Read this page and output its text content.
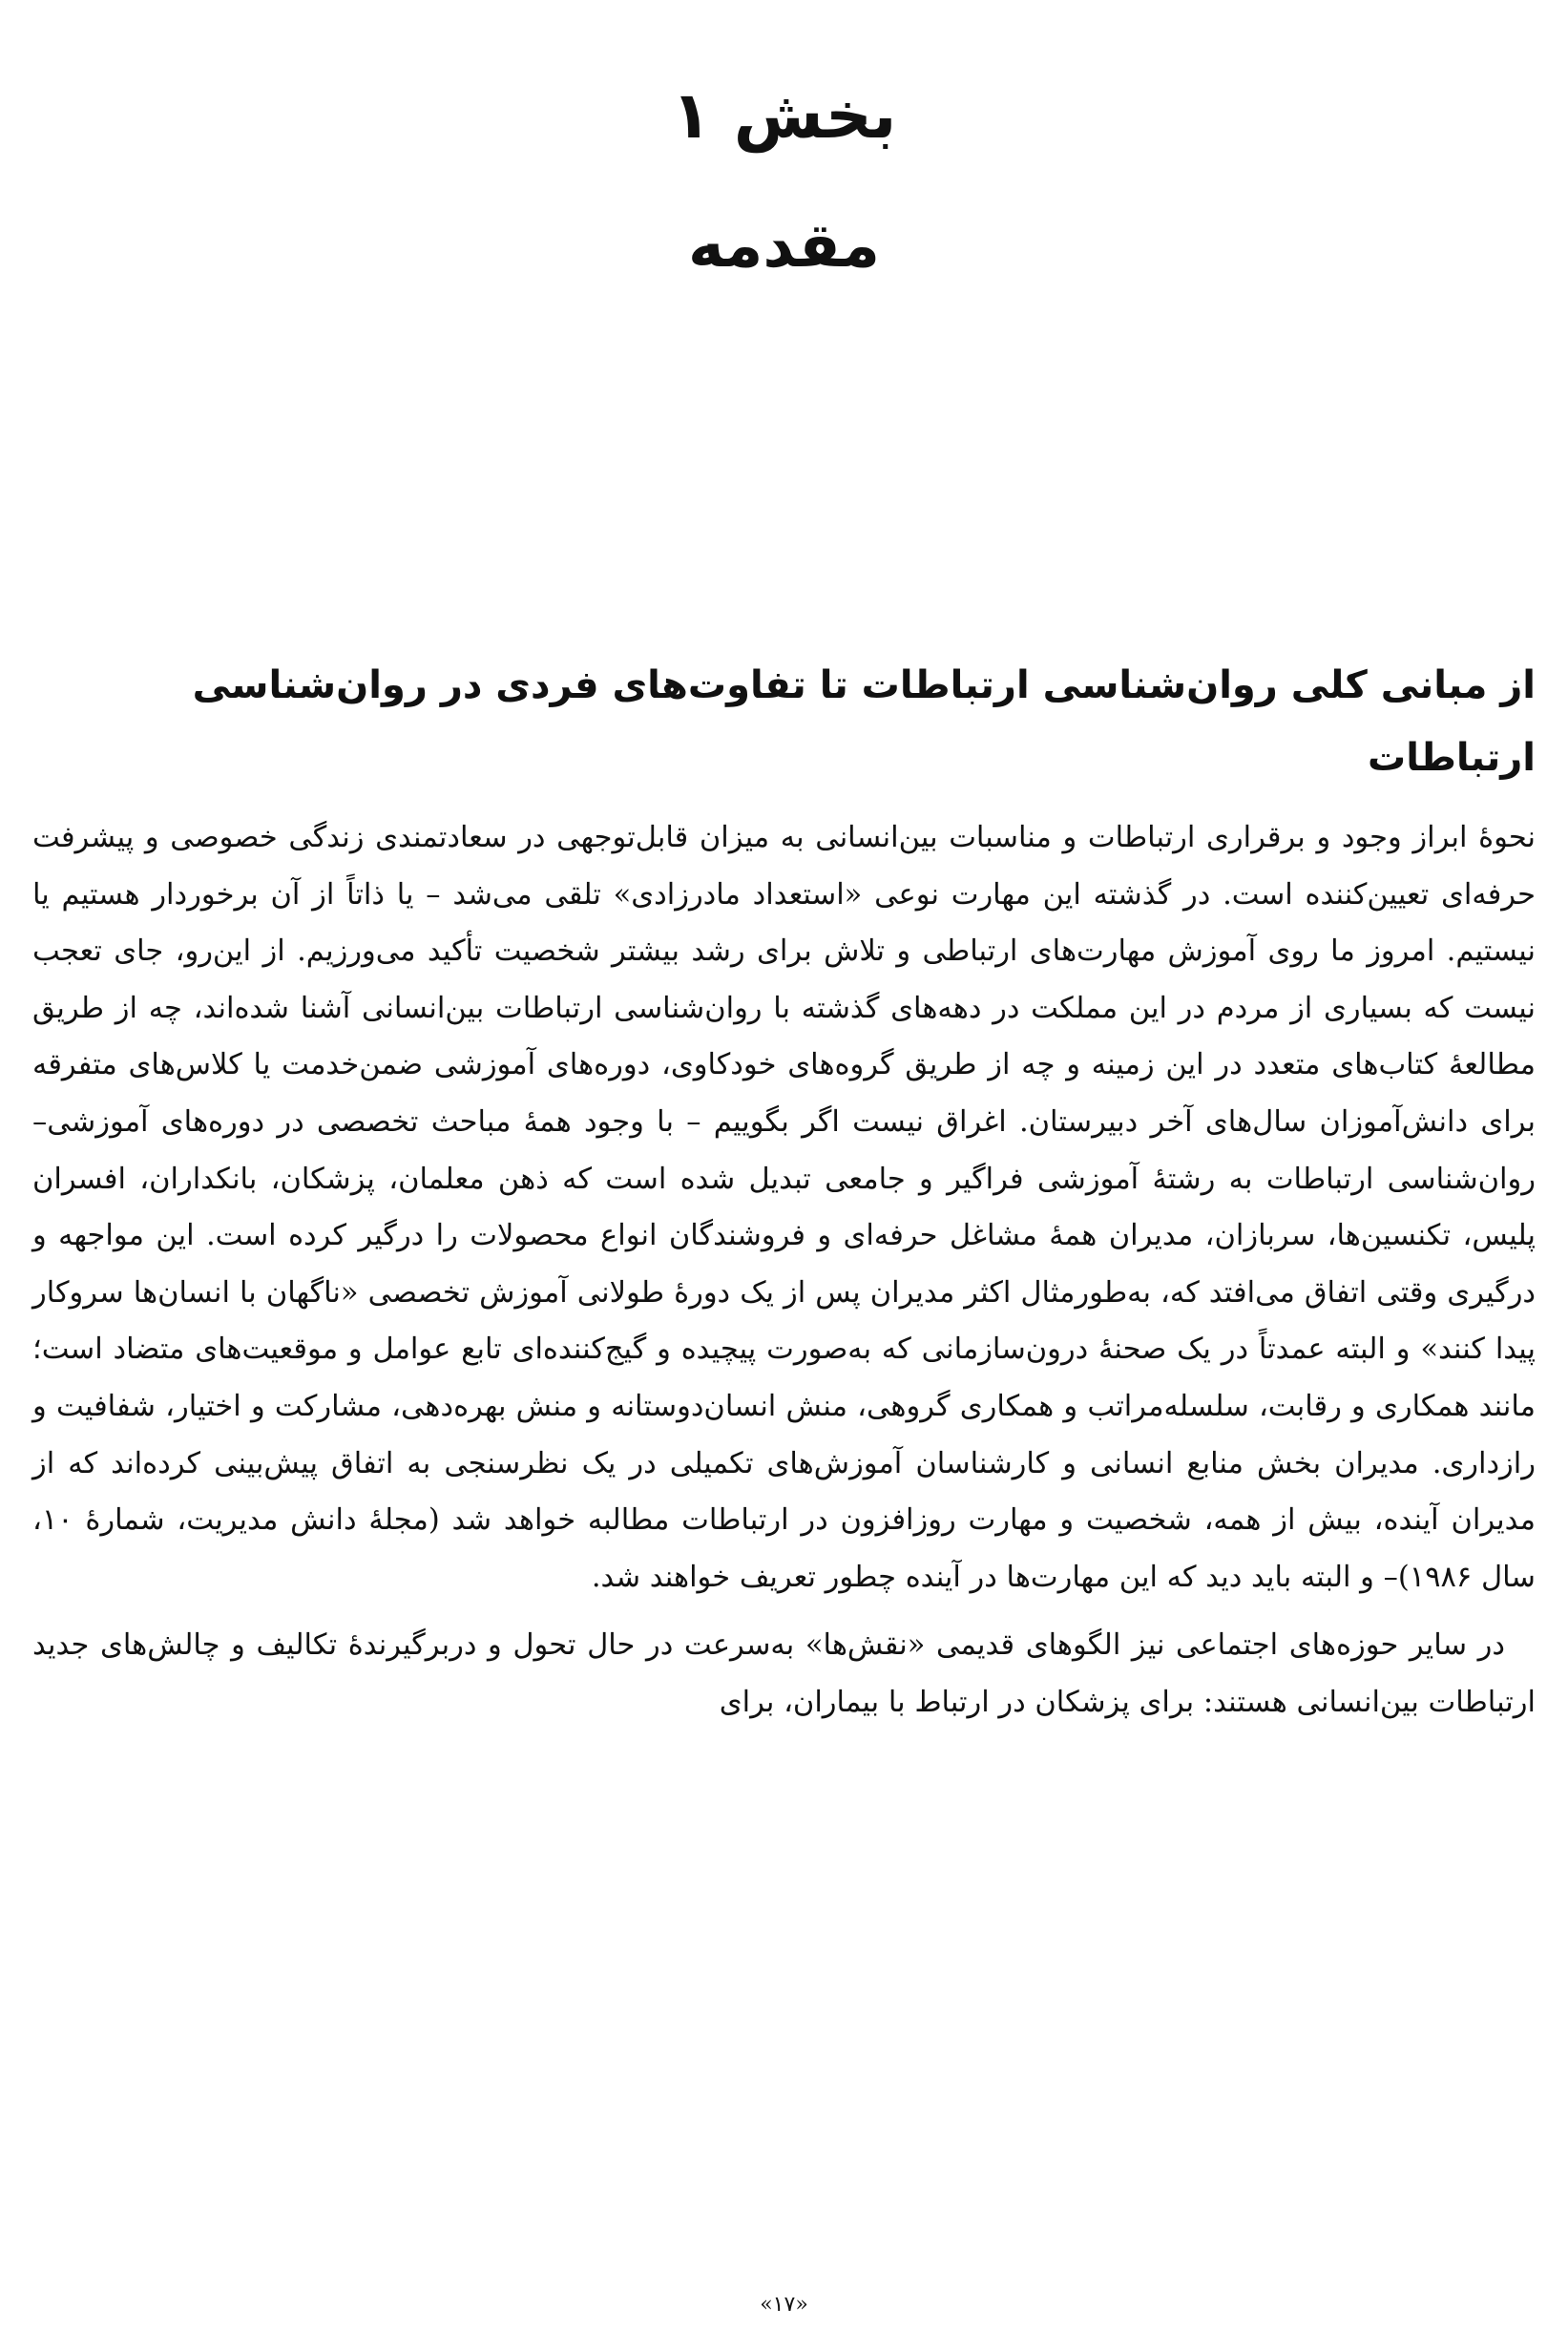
بخش ۱
مقدمه
از مبانی کلی روان‌شناسی ارتباطات تا تفاوت‌های فردی در روان‌شناسی ارتباطات

نحوهٔ ابراز وجود و برقراری ارتباطات و مناسبات بین‌انسانی به میزان قابل‌توجهی در سعادتمندی زندگی خصوصی و پیشرفت حرفه‌ای تعیین‌کننده است. در گذشته این مهارت نوعی «استعداد مادرزادی» تلقی می‌شد – یا ذاتاً از آن برخوردار هستیم یا نیستیم. امروز ما روی آموزش مهارت‌های ارتباطی و تلاش برای رشد بیشتر شخصیت تأکید می‌ورزیم. از این‌رو، جای تعجب نیست که بسیاری از مردم در این مملکت در دهه‌های گذشته با روان‌شناسی ارتباطات بین‌انسانی آشنا شده‌اند، چه از طریق مطالعهٔ کتاب‌های متعدد در این زمینه و چه از طریق گروه‌های خودکاوی، دوره‌های آموزشی ضمن‌خدمت یا کلاس‌های متفرقه برای دانش‌آموزان سال‌های آخر دبیرستان. اغراق نیست اگر بگوییم – با وجود همهٔ مباحث تخصصی در دوره‌های آموزشی– روان‌شناسی ارتباطات به رشتهٔ آموزشی فراگیر و جامعی تبدیل شده است که ذهن معلمان، پزشکان، بانکداران، افسران پلیس، تکنسین‌ها، سربازان، مدیران همهٔ مشاغل حرفه‌ای و فروشندگان انواع محصولات را درگیر کرده است. این مواجهه و درگیری وقتی اتفاق می‌افتد که، به‌طورمثال اکثر مدیران پس از یک دورهٔ طولانی آموزش تخصصی «ناگهان با انسان‌ها سروکار پیدا کنند» و البته عمدتاً در یک صحنهٔ درون‌سازمانی که به‌صورت پیچیده و گیج‌کننده‌ای تابع عوامل و موقعیت‌های متضاد است؛ مانند همکاری و رقابت، سلسله‌مراتب و همکاری گروهی، منش انسان‌دوستانه و منش بهره‌دهی، مشارکت و اختیار، شفافیت و رازداری. مدیران بخش منابع انسانی و کارشناسان آموزش‌های تکمیلی در یک نظرسنجی به اتفاق پیش‌بینی کرده‌اند که از مدیران آینده، بیش از همه، شخصیت و مهارت روزافزون در ارتباطات مطالبه خواهد شد (مجلهٔ دانش مدیریت، شمارهٔ ۱۰، سال ۱۹۸۶)– و البته باید دید که این مهارت‌ها در آینده چطور تعریف خواهند شد.

در سایر حوزه‌های اجتماعی نیز الگوهای قدیمی «نقش‌ها» به‌سرعت در حال تحول و دربرگیرندهٔ تکالیف و چالش‌های جدید ارتباطات بین‌انسانی هستند: برای پزشکان در ارتباط با بیماران، برای

«۱۷»
